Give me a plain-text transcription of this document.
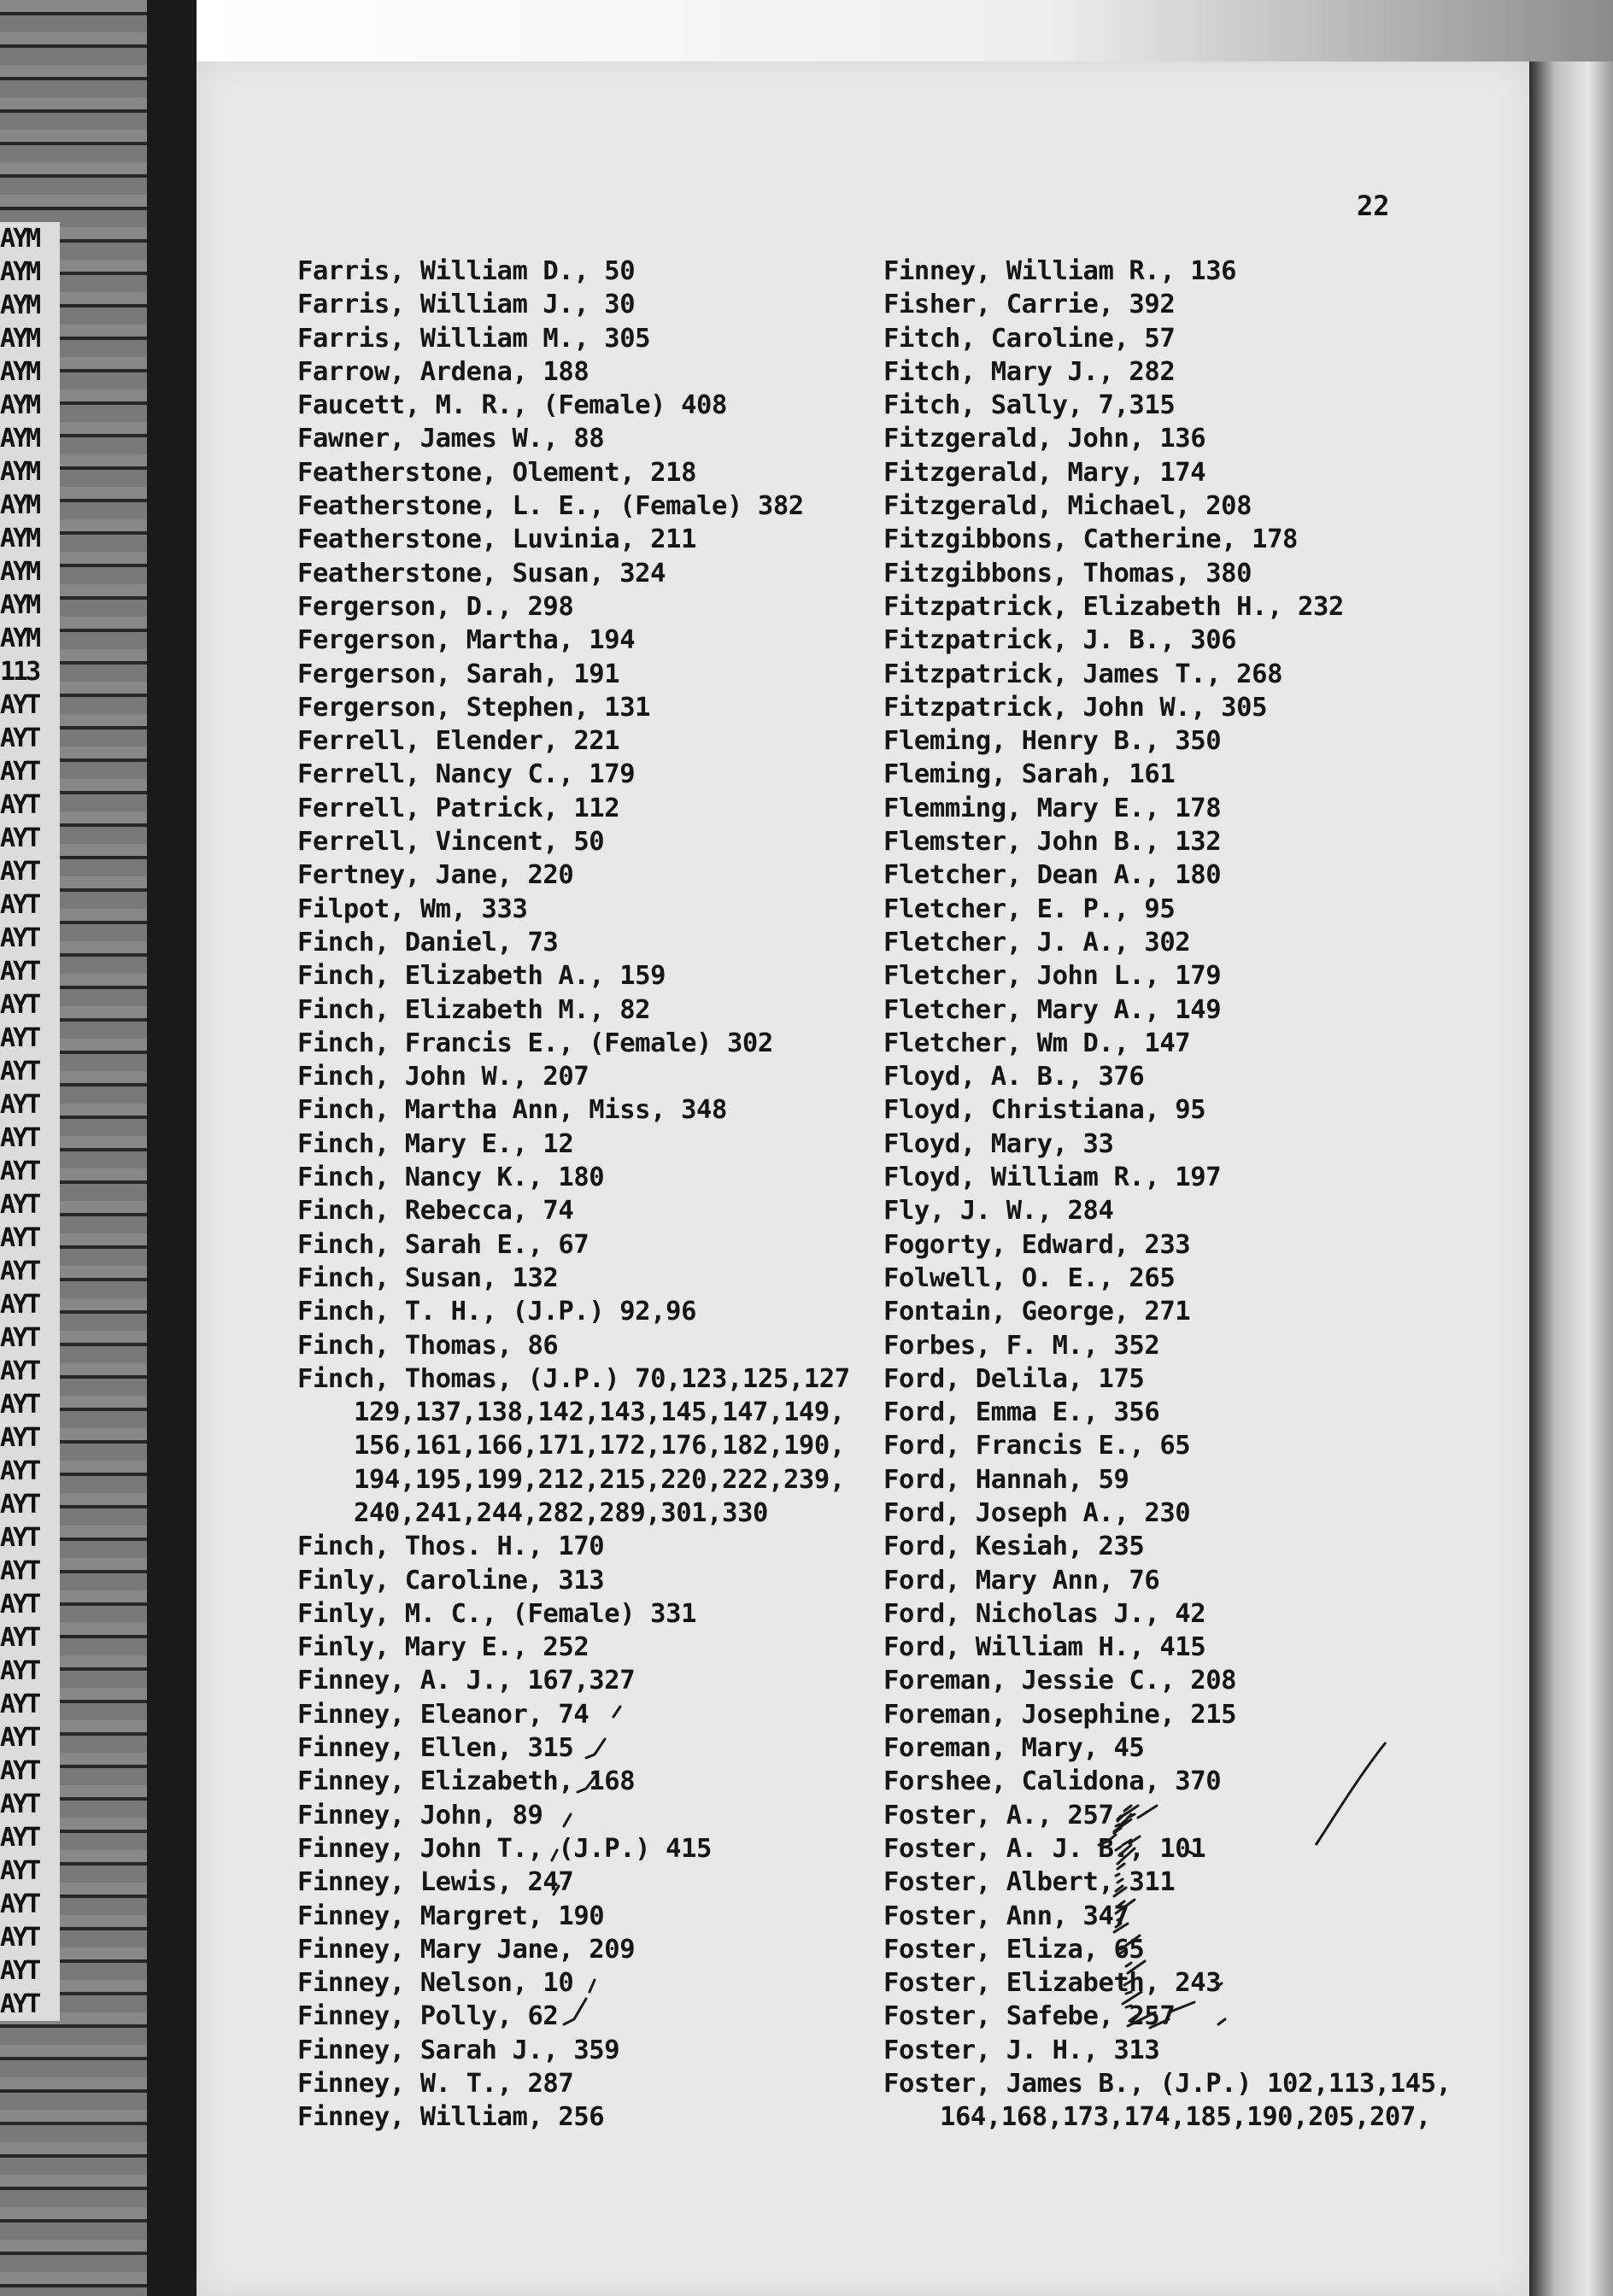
AYM
AYM
AYM
AYM
AYM
AYM
AYM
AYM
AYM
AYM
AYM
AYM
AYM
113
AYT
AYT
AYT
AYT
AYT
AYT
AYT
AYT
AYT
AYT
AYT
AYT
AYT
AYT
AYT
AYT
AYT
AYT
AYT
AYT
AYT
AYT
AYT
AYT
AYT
AYT
AYT
AYT
AYT
AYT
AYT
AYT
AYT
AYT
AYT
AYT
AYT
AYT
AYT
AYT
22
Farris, William D., 50
Farris, William J., 30
Farris, William M., 305
Farrow, Ardena, 188
Faucett, M. R., (Female) 408
Fawner, James W., 88
Featherstone, Olement, 218
Featherstone, L. E., (Female) 382
Featherstone, Luvinia, 211
Featherstone, Susan, 324
Fergerson, D., 298
Fergerson, Martha, 194
Fergerson, Sarah, 191
Fergerson, Stephen, 131
Ferrell, Elender, 221
Ferrell, Nancy C., 179
Ferrell, Patrick, 112
Ferrell, Vincent, 50
Fertney, Jane, 220
Filpot, Wm, 333
Finch, Daniel, 73
Finch, Elizabeth A., 159
Finch, Elizabeth M., 82
Finch, Francis E., (Female) 302
Finch, John W., 207
Finch, Martha Ann, Miss, 348
Finch, Mary E., 12
Finch, Nancy K., 180
Finch, Rebecca, 74
Finch, Sarah E., 67
Finch, Susan, 132
Finch, T. H., (J.P.) 92,96
Finch, Thomas, 86
Finch, Thomas, (J.P.) 70,123,125,127
129,137,138,142,143,145,147,149,
156,161,166,171,172,176,182,190,
194,195,199,212,215,220,222,239,
240,241,244,282,289,301,330
Finch, Thos. H., 170
Finly, Caroline, 313
Finly, M. C., (Female) 331
Finly, Mary E., 252
Finney, A. J., 167,327
Finney, Eleanor, 74
Finney, Ellen, 315
Finney, Elizabeth, 168
Finney, John, 89
Finney, John T., (J.P.) 415
Finney, Lewis, 247
Finney, Margret, 190
Finney, Mary Jane, 209
Finney, Nelson, 10
Finney, Polly, 62
Finney, Sarah J., 359
Finney, W. T., 287
Finney, William, 256
Finney, William R., 136
Fisher, Carrie, 392
Fitch, Caroline, 57
Fitch, Mary J., 282
Fitch, Sally, 7,315
Fitzgerald, John, 136
Fitzgerald, Mary, 174
Fitzgerald, Michael, 208
Fitzgibbons, Catherine, 178
Fitzgibbons, Thomas, 380
Fitzpatrick, Elizabeth H., 232
Fitzpatrick, J. B., 306
Fitzpatrick, James T., 268
Fitzpatrick, John W., 305
Fleming, Henry B., 350
Fleming, Sarah, 161
Flemming, Mary E., 178
Flemster, John B., 132
Fletcher, Dean A., 180
Fletcher, E. P., 95
Fletcher, J. A., 302
Fletcher, John L., 179
Fletcher, Mary A., 149
Fletcher, Wm D., 147
Floyd, A. B., 376
Floyd, Christiana, 95
Floyd, Mary, 33
Floyd, William R., 197
Fly, J. W., 284
Fogorty, Edward, 233
Folwell, O. E., 265
Fontain, George, 271
Forbes, F. M., 352
Ford, Delila, 175
Ford, Emma E., 356
Ford, Francis E., 65
Ford, Hannah, 59
Ford, Joseph A., 230
Ford, Kesiah, 235
Ford, Mary Ann, 76
Ford, Nicholas J., 42
Ford, William H., 415
Foreman, Jessie C., 208
Foreman, Josephine, 215
Foreman, Mary, 45
Forshee, Calidona, 370
Foster, A., 257
Foster, A. J. B., 101
Foster, Albert, 311
Foster, Ann, 347
Foster, Eliza, 65
Foster, Elizabeth, 243
Foster, Safebe, 257
Foster, J. H., 313
Foster, James B., (J.P.) 102,113,145,
164,168,173,174,185,190,205,207,
